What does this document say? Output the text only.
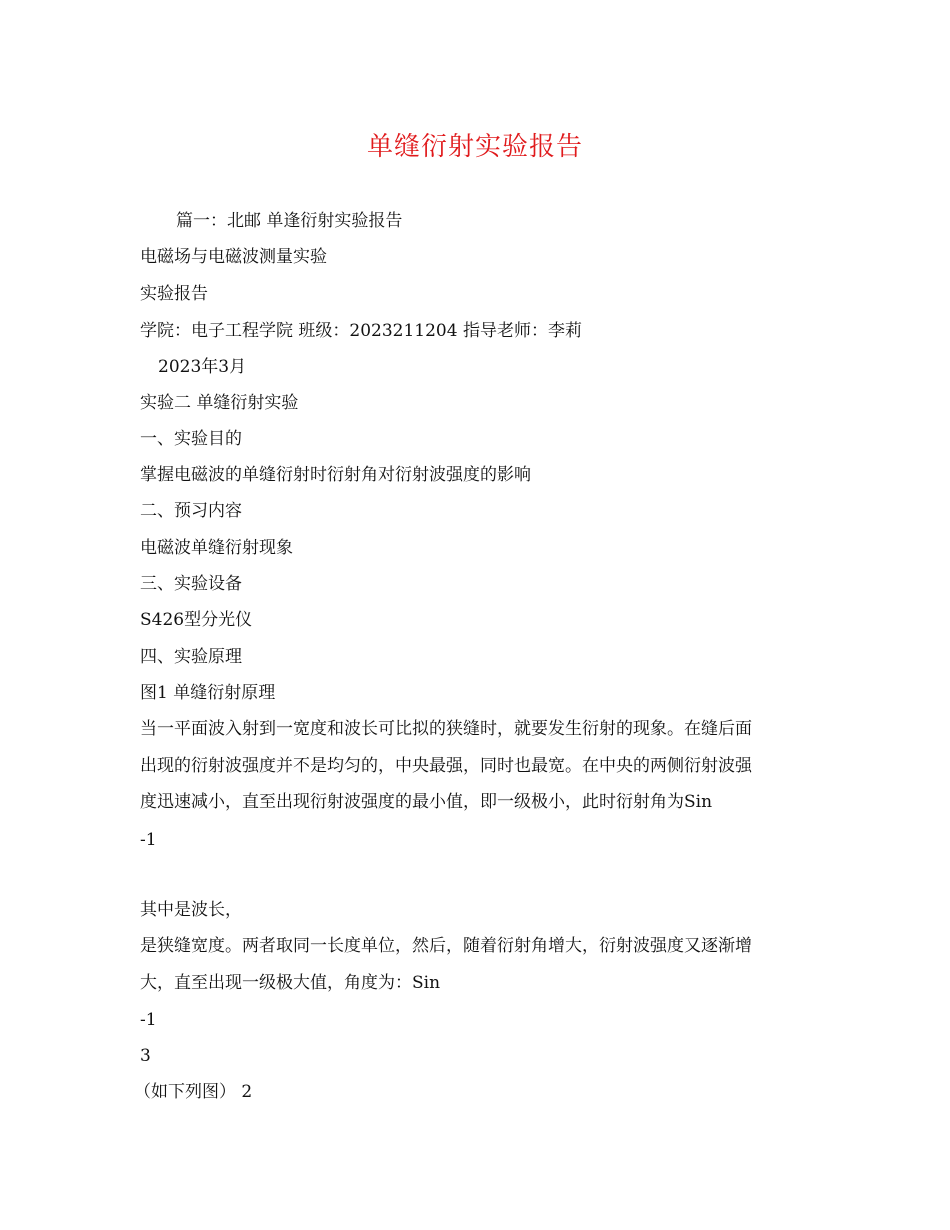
单缝衍射实验报告
篇一：北邮 单逢衍射实验报告
电磁场与电磁波测量实验
实验报告
学院：电子工程学院 班级：2023211204 指导老师：李莉
2023年3月
实验二 单缝衍射实验
一、实验目的
掌握电磁波的单缝衍射时衍射角对衍射波强度的影响
二、预习内容
电磁波单缝衍射现象
三、实验设备
S426型分光仪
四、实验原理
图1 单缝衍射原理
当一平面波入射到一宽度和波长可比拟的狭缝时，就要发生衍射的现象。在缝后面
出现的衍射波强度并不是均匀的，中央最强，同时也最宽。在中央的两侧衍射波强
度迅速减小，直至出现衍射波强度的最小值，即一级极小，此时衍射角为Sin
-1
其中是波长，
是狭缝宽度。两者取同一长度单位，然后，随着衍射角增大，衍射波强度又逐渐增
大，直至出现一级极大值，角度为：Sin
-1
3
（如下列图） 2
